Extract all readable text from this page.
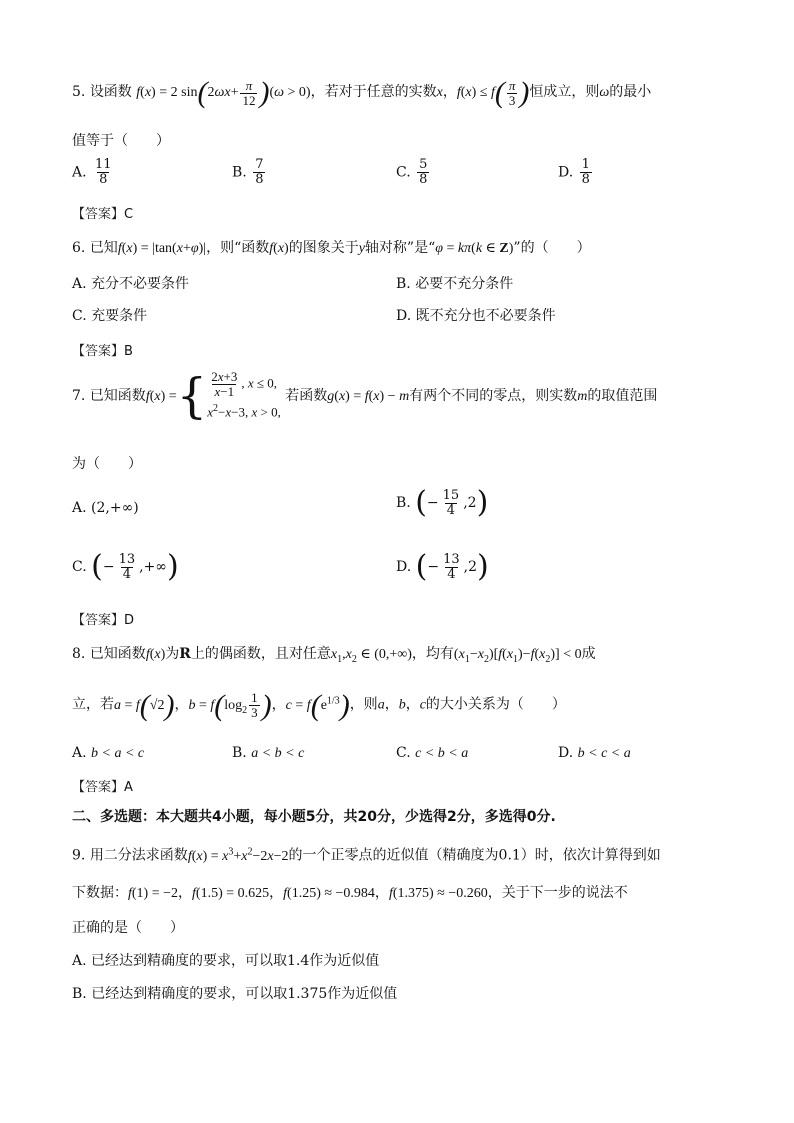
5. 设函数 f(x) = 2 $\sin(2\omega x+ \frac{\pi}{12} )(\omega > 0)$，若对于任意的实数x，$f(x) \le f( \frac{\pi}{3}$ )恒成立，则ω的最小
值等于（　　）
A. $\frac{11}{8}$	B. $\frac{7}{8}$	C. $\frac{5}{8}$	D. $\frac{1}{8}$
【答案】C
6. 已知f(x) = |tan(x+φ)|，则“函数f(x)的图象关于y轴对称”是“φ = kπ(k ∈ Z)”的（　　）
A. 充分不必要条件	B. 必要不充分条件
C. 充要条件	D. 既不充分也不必要条件
【答案】B
7. 已知函数f(x) ={ $\frac{2x+3}{x-1}$ , x ≤ 0,
$x^2-x-3$, x > 0,
若函数g(x) = f(x) − m有两个不同的零点，则实数m的取值范围
为（　　）
A. (2,+∞)	B. (− $\frac{15}{4} ,2$)
C. (− $\frac{13}{4}$ ,+∞)	D. (− $\frac{13}{4} ,2$)
【答案】D
8. 已知函数f(x)为R上的偶函数，且对任意$x_1,x_2$ ∈ (0,+∞)，均有$(x_1-x_2)[f(x_1)-f(x_2)] < 0$成
立，若a = f(√2)，$b = f(\log_2 \frac{1}{3}$ )，$c = f(e^{1/3})$，则a，b，c的大小关系为（　　）
A. b < a < c	B. a < b < c	C. c < b < a	D. b < c < a
【答案】A
二、多选题：本大题共4小题，每小题5分，共20分，少选得2分，多选得0分.
9. 用二分法求函数$f(x) = x^3+x^2-2x-2$的一个正零点的近似值（精确度为0.1）时，依次计算得到如
下数据：f(1) = −2，f(1.5) = 0.625，f(1.25) ≈ −0.984，f(1.375) ≈ −0.260，关于下一步的说法不
正确的是（　　）
A. 已经达到精确度的要求，可以取1.4作为近似值
B. 已经达到精确度的要求，可以取1.375作为近似值
